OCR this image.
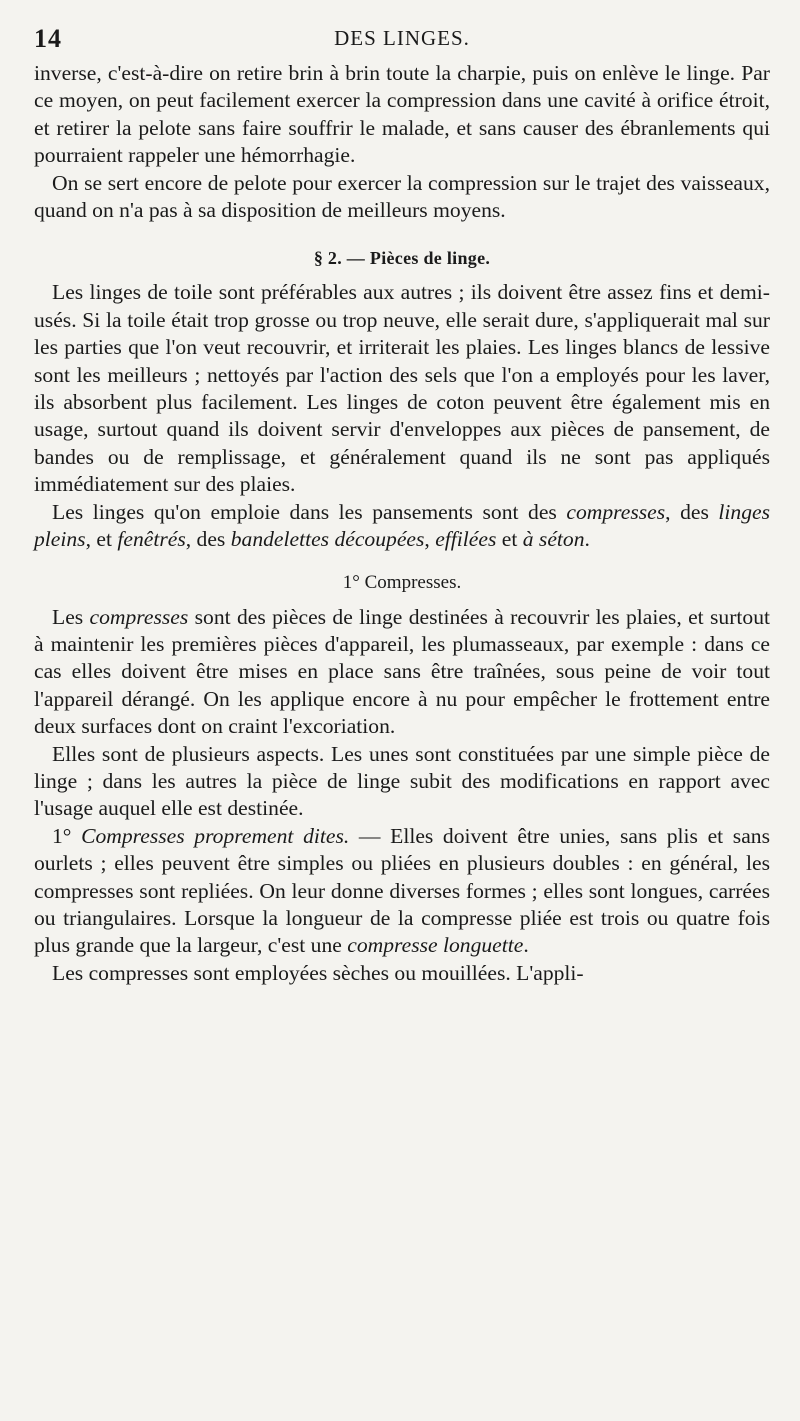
14	DES LINGES.

inverse, c'est-à-dire on retire brin à brin toute la charpie, puis on enlève le linge. Par ce moyen, on peut facilement exercer la compression dans une cavité à orifice étroit, et retirer la pelote sans faire souffrir le malade, et sans causer des ébranlements qui pourraient rappeler une hémorrhagie.

On se sert encore de pelote pour exercer la compression sur le trajet des vaisseaux, quand on n'a pas à sa disposition de meilleurs moyens.

§ 2. — Pièces de linge.

Les linges de toile sont préférables aux autres ; ils doivent être assez fins et demi-usés. Si la toile était trop grosse ou trop neuve, elle serait dure, s'appliquerait mal sur les parties que l'on veut recouvrir, et irriterait les plaies. Les linges blancs de lessive sont les meilleurs ; nettoyés par l'action des sels que l'on a employés pour les laver, ils absorbent plus facilement. Les linges de coton peuvent être également mis en usage, surtout quand ils doivent servir d'enveloppes aux pièces de pansement, de bandes ou de remplissage, et généralement quand ils ne sont pas appliqués immédiatement sur des plaies.

Les linges qu'on emploie dans les pansements sont des compresses, des linges pleins, et fenêtrés, des bandelettes découpées, effilées et à séton.

1° Compresses.

Les compresses sont des pièces de linge destinées à recouvrir les plaies, et surtout à maintenir les premières pièces d'appareil, les plumasseaux, par exemple : dans ce cas elles doivent être mises en place sans être traînées, sous peine de voir tout l'appareil dérangé. On les applique encore à nu pour empêcher le frottement entre deux surfaces dont on craint l'excoriation.

Elles sont de plusieurs aspects. Les unes sont constituées par une simple pièce de linge ; dans les autres la pièce de linge subit des modifications en rapport avec l'usage auquel elle est destinée.

1° Compresses proprement dites. — Elles doivent être unies, sans plis et sans ourlets ; elles peuvent être simples ou pliées en plusieurs doubles : en général, les compresses sont repliées. On leur donne diverses formes ; elles sont longues, carrées ou triangulaires. Lorsque la longueur de la compresse pliée est trois ou quatre fois plus grande que la largeur, c'est une compresse longuette.

Les compresses sont employées sèches ou mouillées. L'appli-
